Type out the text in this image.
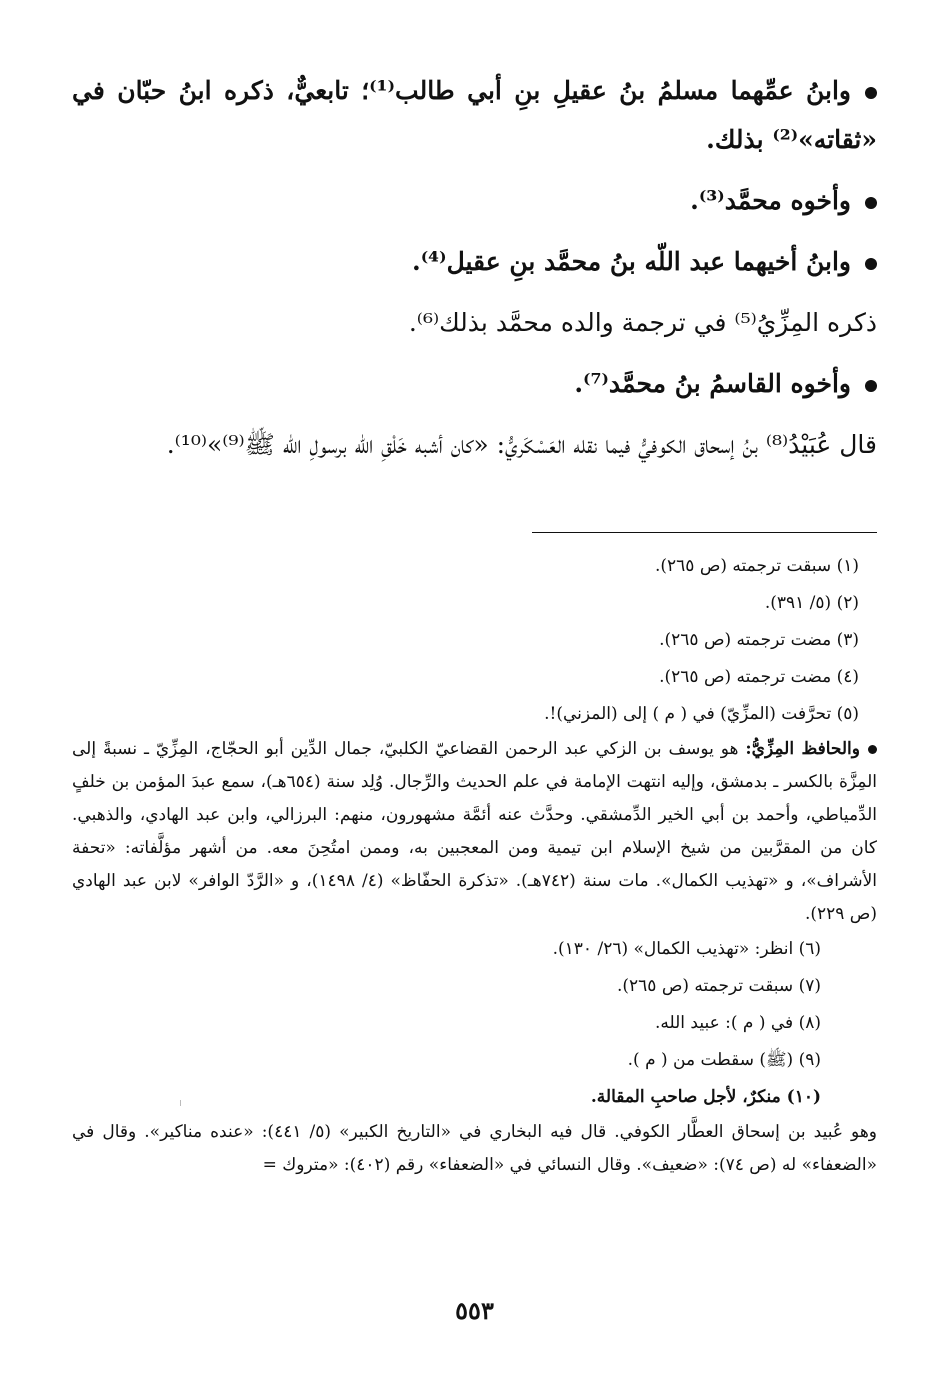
وابنُ عمِّهما مسلمُ بنُ عقيلِ بنِ أبي طالب⁽¹⁾؛ تابعيٌّ، ذكره ابنُ حبّان في «ثقاته»⁽²⁾ بذلك.

وأخوه محمَّد⁽³⁾.

وابنُ أخيهما عبد اللّه بنُ محمَّد بنِ عقيل⁽⁴⁾.

ذكره المِزِّيُ⁽⁵⁾ في ترجمة والده محمَّد بذلك⁽⁶⁾.

وأخوه القاسمُ بنُ محمَّد⁽⁷⁾.

قال عُبَيْدُ⁽⁸⁾ بنُ إسحاق الكوفيُّ فيما نقله العَسْكَريُّ: «كان أشبه خَلْقِ الله برسولِ الله ﷺ⁽⁹⁾»⁽¹⁰⁾.

(١) سبقت ترجمته (ص ٢٦٥).

(٢) (٥/ ٣٩١).

(٣) مضت ترجمته (ص ٢٦٥).

(٤) مضت ترجمته (ص ٢٦٥).

(٥) تحرَّفت (المزِّيّ) في ( م ) إلى (المزني)!.

والحافظ المِزِّيُّ: هو يوسف بن الزكي عبد الرحمن القضاعيّ الكلبيّ، جمال الدِّين أبو الحجّاج، المِزِّيّ ـ نسبةً إلى المِزَّة بالكسر ـ بدمشق، وإليه انتهت الإمامة في علم الحديث والرِّجال. وُلِد سنة (٦٥٤هـ)، سمع عبدَ المؤمن بن خلفٍ الدِّمياطي، وأحمد بن أبي الخير الدِّمشقي. وحدَّث عنه أئمَّة مشهورون، منهم: البرزالي، وابن عبد الهادي، والذهبي. كان من المقرَّبين من شيخ الإسلام ابن تيمية ومن المعجبين به، وممن امتُحِنَ معه. من أشهر مؤلَّفاته: «تحفة الأشراف»، و «تهذيب الكمال». مات سنة (٧٤٢هـ). «تذكرة الحفّاظ» (٤/ ١٤٩٨)، و «الرَّدّ الوافر» لابن عبد الهادي (ص ٢٢٩).

(٦) انظر: «تهذيب الكمال» (٢٦/ ١٣٠).

(٧) سبقت ترجمته (ص ٢٦٥).

(٨) في ( م ): عبيد الله.

(٩) (ﷺ) سقطت من ( م ).

(١٠) منكرٌ، لأجل صاحبِ المقالة.

وهو عُبيد بن إسحاق العطَّار الكوفي. قال فيه البخاري في «التاريخ الكبير» (٥/ ٤٤١): «عنده مناكير». وقال في «الضعفاء» له (ص ٧٤): «ضعيف». وقال النسائي في «الضعفاء» رقم (٤٠٢): «متروك =

٥٥٣
